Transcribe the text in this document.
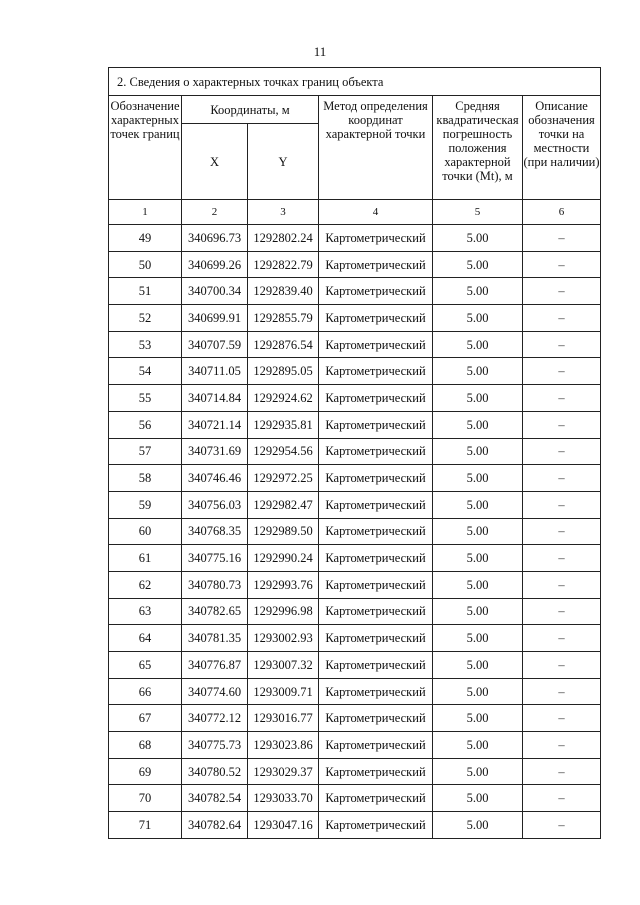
11
2. Сведения о характерных точках границ объекта					
Обозначение характерных точек границ	Координаты, м		Метод определения координат характерной точки	Средняя квадратическая погрешность положения характерной точки (Mt), м	Описание обозначения точки на местности (при наличии)
	X	Y			
1	2	3	4	5	6
49	340696.73	1292802.24	Картометрический	5.00	–
50	340699.26	1292822.79	Картометрический	5.00	–
51	340700.34	1292839.40	Картометрический	5.00	–
52	340699.91	1292855.79	Картометрический	5.00	–
53	340707.59	1292876.54	Картометрический	5.00	–
54	340711.05	1292895.05	Картометрический	5.00	–
55	340714.84	1292924.62	Картометрический	5.00	–
56	340721.14	1292935.81	Картометрический	5.00	–
57	340731.69	1292954.56	Картометрический	5.00	–
58	340746.46	1292972.25	Картометрический	5.00	–
59	340756.03	1292982.47	Картометрический	5.00	–
60	340768.35	1292989.50	Картометрический	5.00	–
61	340775.16	1292990.24	Картометрический	5.00	–
62	340780.73	1292993.76	Картометрический	5.00	–
63	340782.65	1292996.98	Картометрический	5.00	–
64	340781.35	1293002.93	Картометрический	5.00	–
65	340776.87	1293007.32	Картометрический	5.00	–
66	340774.60	1293009.71	Картометрический	5.00	–
67	340772.12	1293016.77	Картометрический	5.00	–
68	340775.73	1293023.86	Картометрический	5.00	–
69	340780.52	1293029.37	Картометрический	5.00	–
70	340782.54	1293033.70	Картометрический	5.00	–
71	340782.64	1293047.16	Картометрический	5.00	–
